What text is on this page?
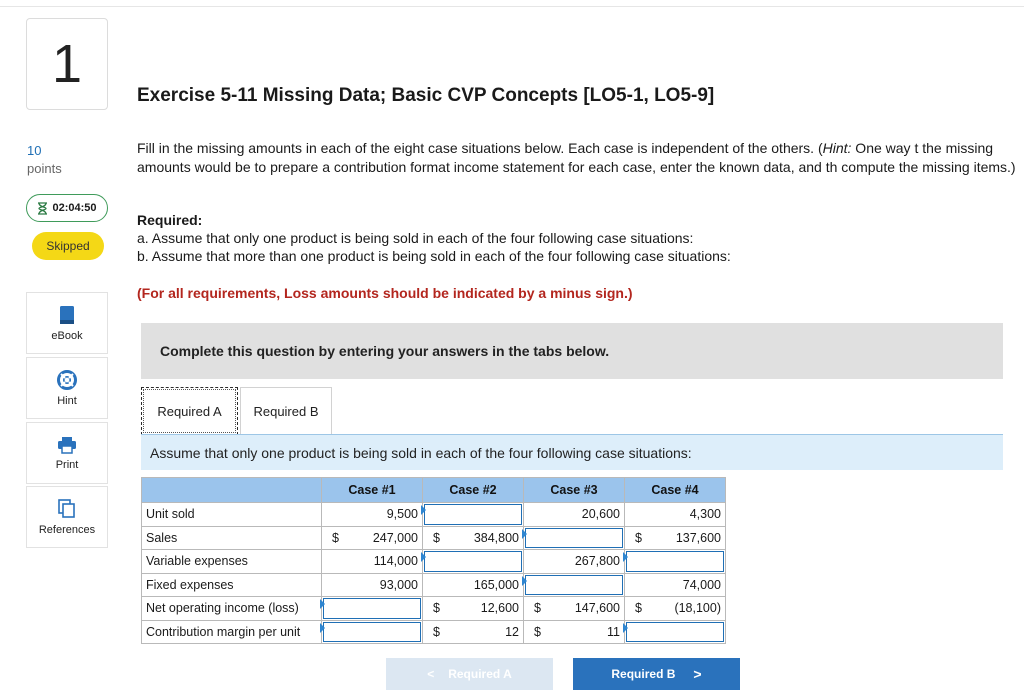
1
Exercise 5-11 Missing Data; Basic CVP Concepts [LO5-1, LO5-9]
10
points
02:04:50
Skipped
eBook
Hint
Print
References
Fill in the missing amounts in each of the eight case situations below. Each case is independent of the others. (Hint: One way t the missing amounts would be to prepare a contribution format income statement for each case, enter the known data, and th compute the missing items.)
Required:
a. Assume that only one product is being sold in each of the four following case situations:
b. Assume that more than one product is being sold in each of the four following case situations:
(For all requirements, Loss amounts should be indicated by a minus sign.)
Complete this question by entering your answers in the tabs below.
Required A	Required B
Assume that only one product is being sold in each of the four following case situations:
	Case #1	Case #2	Case #3	Case #4
Unit sold	9,500		20,600	4,300

Sales	$ 247,000	$ 384,800		$ 137,600

Variable expenses	114,000		267,800	

Fixed expenses	93,000	165,000		74,000

Net operating income (loss)		$ 12,600	$ 147,600	$ (18,100)

Contribution margin per unit		$ 12	$ 11	

< Required A	Required B >
